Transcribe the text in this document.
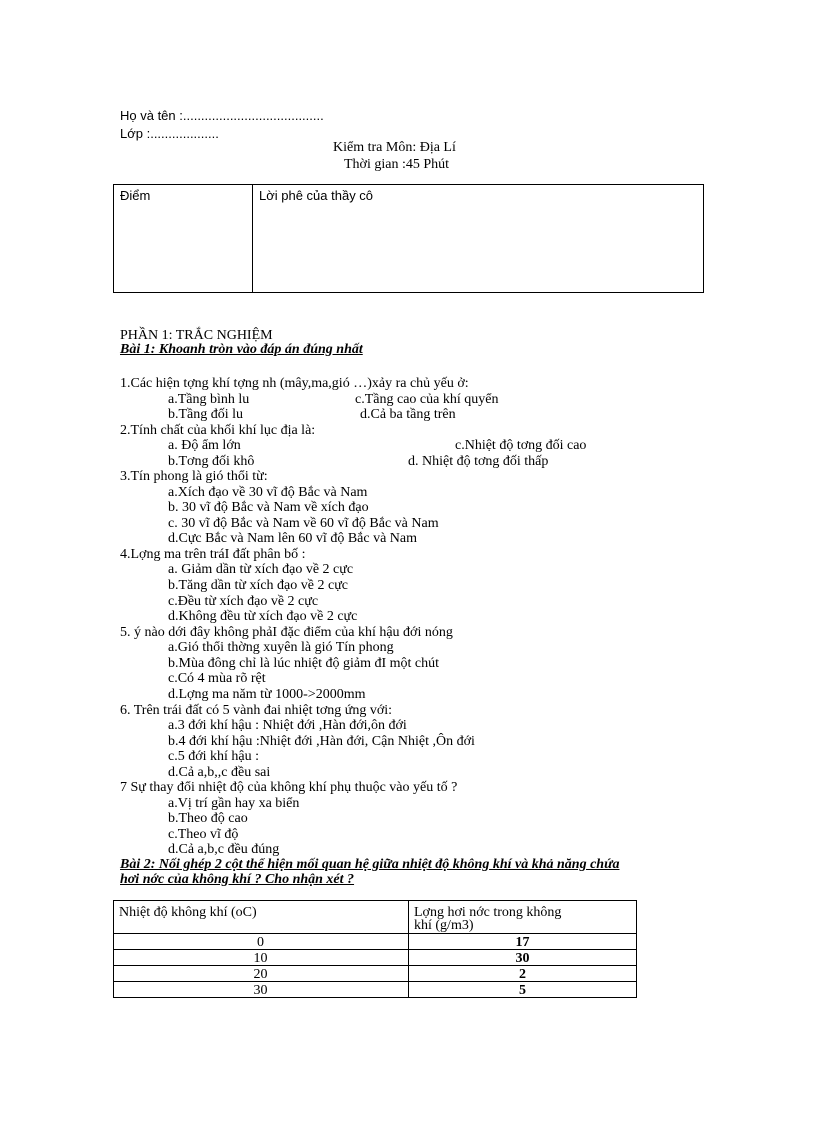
Họ và tên :.......................................
Lớp :...................
Kiểm tra Môn: Địa Lí
Thời gian :45 Phút
Điểm	Lời phê của thầy cô
PHẦN 1: TRẮC NGHIỆM
Bài 1: Khoanh tròn vào đáp án đúng nhất
1.Các hiện tợng khí tợng nh (mây,ma,gió …)xảy ra chủ yếu ở:
a.Tầng bình lu	c.Tầng cao của khí quyển
b.Tầng đối lu	d.Cả ba tầng trên
2.Tính chất của khối khí lục địa là:
a. Độ ẩm lớn	c.Nhiệt độ tơng đối cao
b.Tơng đối khô	d. Nhiệt độ tơng đối thấp
3.Tín phong là gió thổi từ:
a.Xích đạo về 30 vĩ độ Bắc và Nam
b. 30 vĩ độ Bắc và Nam về xích đạo
c. 30 vĩ độ Bắc và Nam về 60 vĩ độ Bắc và Nam
d.Cực Bắc và Nam lên 60 vĩ độ Bắc và Nam
4.Lợng ma trên tráI đất phân bố :
a. Giảm dần từ xích đạo về 2 cực
b.Tăng dần từ xích đạo về 2 cực
c.Đều từ xích đạo về 2 cực
d.Không đều từ xích đạo về 2 cực
5. ý nào dới đây không phảI đặc điểm của khí hậu đới nóng
a.Gió thổi thờng xuyên là gió Tín phong
b.Mùa đông chỉ là lúc nhiệt độ giảm đI một chút
c.Có 4 mùa rõ rệt
d.Lợng ma năm từ 1000->2000mm
6. Trên trái đất có 5 vành đai nhiệt tơng ứng với:
a.3 đới khí hậu : Nhiệt đới ,Hàn đới,ôn đới
b.4 đới khí hậu :Nhiệt đới ,Hàn đới, Cận Nhiệt ,Ôn đới
c.5 đới khí hậu :
d.Cả a,b,,c đều sai
7 Sự thay đổi nhiệt độ của không khí phụ thuộc vào yếu tố ?
a.Vị trí gần hay xa biển
b.Theo độ cao
c.Theo vĩ độ
d.Cả a,b,c đều đúng
Bài 2: Nối ghép 2 cột thể hiện mối quan hệ giữa nhiệt độ không khí và khả năng chứa
hơi nớc của không khí ? Cho nhận xét ?
Nhiệt độ không khí (oC)	Lợng hơi nớc trong không
khí (g/m3)
0	17
10	30
20	2
30	5
